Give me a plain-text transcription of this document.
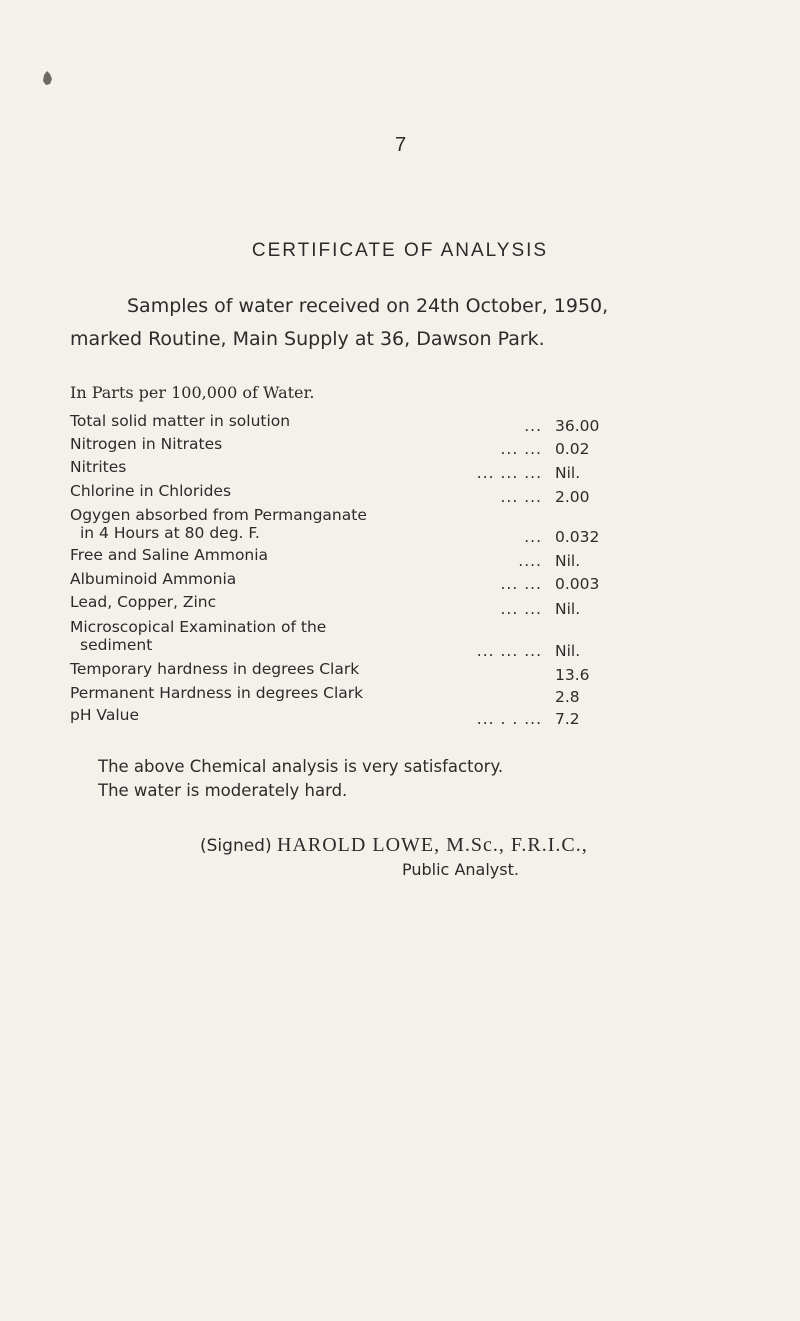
7
CERTIFICATE OF ANALYSIS
Samples of water received on 24th October, 1950,
marked Routine, Main Supply at 36, Dawson Park.
In Parts per 100,000 of Water.
Total solid matter in solution	... 36.00
Nitrogen in Nitrates	... ... 0.02
Nitrites	... ... ... Nil.
Chlorine in Chlorides	... ... 2.00
Ogygen absorbed from Permanganate
in 4 Hours at 80 deg. F.	... 0.032
Free and Saline Ammonia	.... Nil.
Albuminoid Ammonia	... ... 0.003
Lead, Copper, Zinc	... ... Nil.
Microscopical Examination of the
sediment	... ... ... Nil.
Temporary hardness in degrees Clark	13.6
Permanent Hardness in degrees Clark	2.8
pH Value	... . . ... 7.2
The above Chemical analysis is very satisfactory.
The water is moderately hard.
(Signed) HAROLD LOWE, M.Sc., F.R.I.C.,
Public Analyst.
